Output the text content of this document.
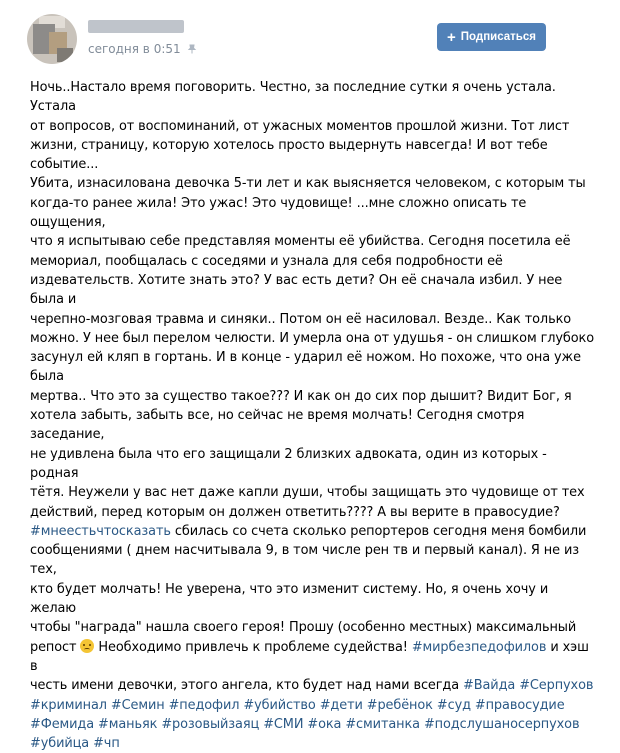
сегодня в 0:51
+ Подписаться
Ночь..Настало время поговорить. Честно, за последние сутки я очень устала. Устала
от вопросов, от воспоминаний, от ужасных моментов прошлой жизни. Тот лист
жизни, страницу, которую хотелось просто выдернуть навсегда! И вот тебе событие...
Убита, изнасилована девочка 5-ти лет и как выясняется человеком, с которым ты
когда-то ранее жила! Это ужас! Это чудовище! ...мне сложно описать те ощущения,
что я испытываю себе представляя моменты её убийства. Сегодня посетила её
мемориал, пообщалась с соседями и узнала для себя подробности её
издевательств. Хотите знать это? У вас есть дети? Он её сначала избил. У нее была и
черепно-мозговая травма и синяки.. Потом он её насиловал. Везде.. Как только
можно. У нее был перелом челюсти. И умерла она от удушья - он слишком глубоко
засунул ей кляп в гортань. И в конце - ударил её ножом. Но похоже, что она уже была
мертва.. Что это за существо такое??? И как он до сих пор дышит? Видит Бог, я
хотела забыть, забыть все, но сейчас не время молчать! Сегодня смотря заседание,
не удивлена была что его защищали 2 близких адвоката, один из которых - родная
тётя. Неужели у вас нет даже капли души, чтобы защищать это чудовище от тех
действий, перед которым он должен ответить???? А вы верите в правосудие?
#мнеестьчтосказать сбилась со счета сколько репортеров сегодня меня бомбили
сообщениями ( днем насчитывала 9, в том числе рен тв и первый канал). Я не из тех,
кто будет молчать! Не уверена, что это изменит систему. Но, я очень хочу и желаю
чтобы "награда" нашла своего героя! Прошу (особенно местных) максимальный
репост  Необходимо привлечь к проблеме судейства! #мирбезпедофилов и хэш в
честь имени девочки, этого ангела, кто будет над нами всегда #Вайда #Серпухов
#криминал #Семин #педофил #убийство #дети #ребёнок #суд #правосудие
#Фемида #маньяк #розовыйзаяц #СМИ #ока #смитанка #подслушаносерпухов
#убийца #чп
